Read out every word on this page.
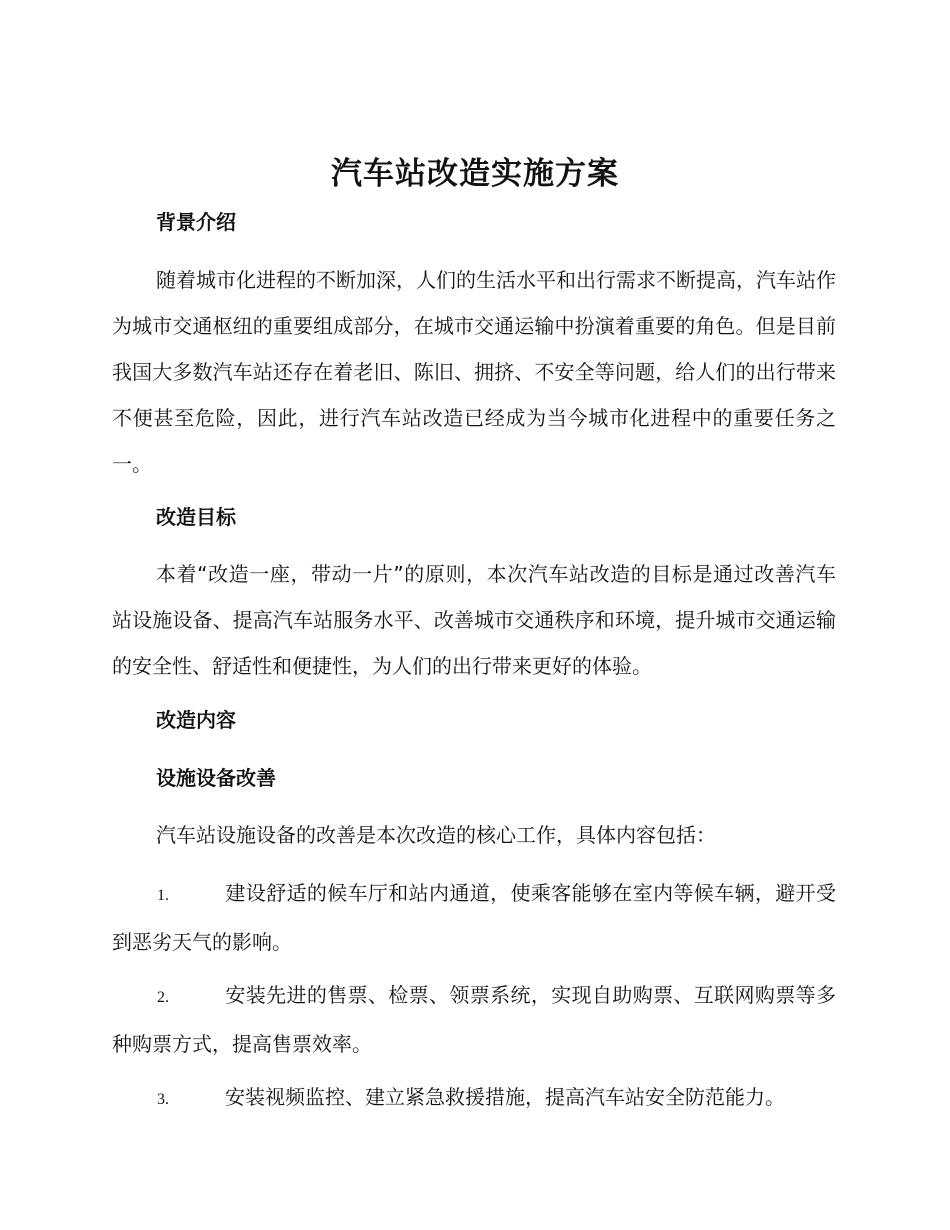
汽车站改造实施方案
背景介绍

随着城市化进程的不断加深，人们的生活水平和出行需求不断提高，汽车站作为城市交通枢纽的重要组成部分，在城市交通运输中扮演着重要的角色。但是目前我国大多数汽车站还存在着老旧、陈旧、拥挤、不安全等问题，给人们的出行带来不便甚至危险，因此，进行汽车站改造已经成为当今城市化进程中的重要任务之一。

改造目标

本着“改造一座，带动一片”的原则，本次汽车站改造的目标是通过改善汽车站设施设备、提高汽车站服务水平、改善城市交通秩序和环境，提升城市交通运输的安全性、舒适性和便捷性，为人们的出行带来更好的体验。

改造内容
设施设备改善

汽车站设施设备的改善是本次改造的核心工作，具体内容包括：

1.	建设舒适的候车厅和站内通道，使乘客能够在室内等候车辆，避开受到恶劣天气的影响。

2.	安装先进的售票、检票、领票系统，实现自助购票、互联网购票等多种购票方式，提高售票效率。

3.	安装视频监控、建立紧急救援措施，提高汽车站安全防范能力。
